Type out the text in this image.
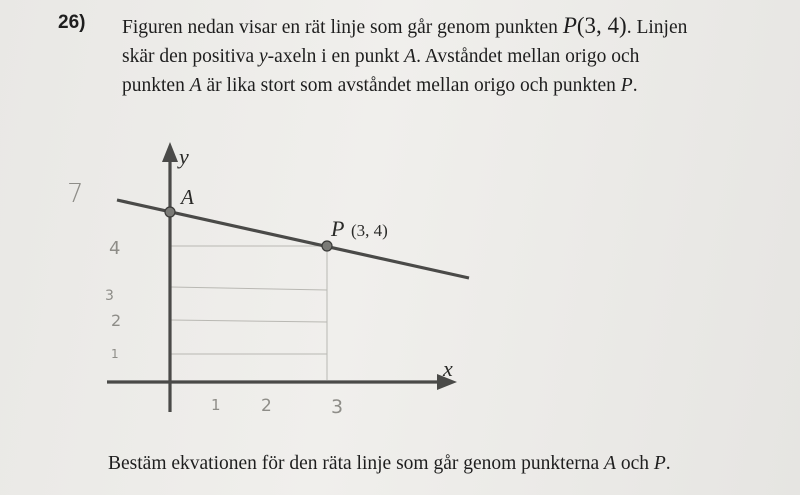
26) Figuren nedan visar en rät linje som går genom punkten P(3, 4). Linjen
skär den positiva y-axeln i en punkt A. Avståndet mellan origo och
punkten A är lika stort som avståndet mellan origo och punkten P.
y
x
A
P (3, 4)
7
4
3
2
1
1 2	3
Bestäm ekvationen för den räta linje som går genom punkterna A och P.
